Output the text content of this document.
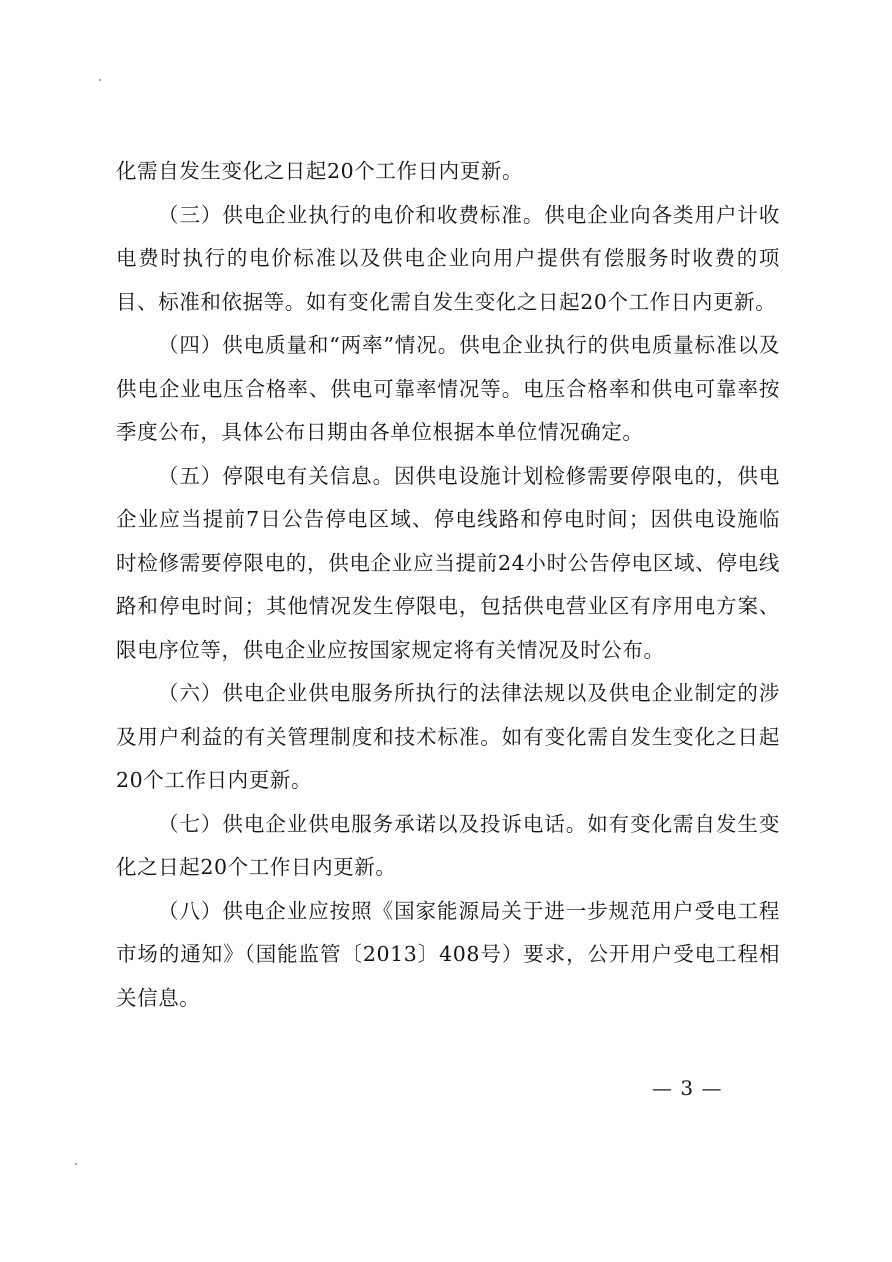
化需自发生变化之日起20个工作日内更新。

（三）供电企业执行的电价和收费标准。供电企业向各类用户计收电费时执行的电价标准以及供电企业向用户提供有偿服务时收费的项目、标准和依据等。如有变化需自发生变化之日起20个工作日内更新。

（四）供电质量和“两率”情况。供电企业执行的供电质量标准以及供电企业电压合格率、供电可靠率情况等。电压合格率和供电可靠率按季度公布，具体公布日期由各单位根据本单位情况确定。

（五）停限电有关信息。因供电设施计划检修需要停限电的，供电企业应当提前7日公告停电区域、停电线路和停电时间；因供电设施临时检修需要停限电的，供电企业应当提前24小时公告停电区域、停电线路和停电时间；其他情况发生停限电，包括供电营业区有序用电方案、限电序位等，供电企业应按国家规定将有关情况及时公布。

（六）供电企业供电服务所执行的法律法规以及供电企业制定的涉及用户利益的有关管理制度和技术标准。如有变化需自发生变化之日起20个工作日内更新。

（七）供电企业供电服务承诺以及投诉电话。如有变化需自发生变化之日起20个工作日内更新。

（八）供电企业应按照《国家能源局关于进一步规范用户受电工程市场的通知》（国能监管〔2013〕408号）要求，公开用户受电工程相关信息。

— 3 —
